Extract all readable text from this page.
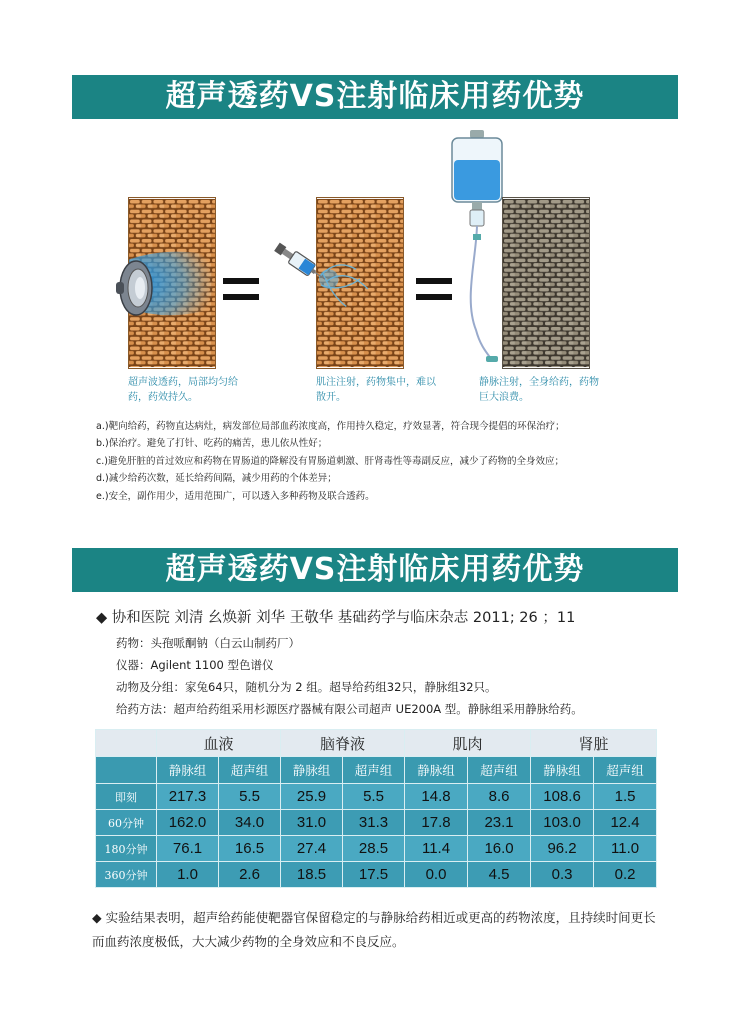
超声透药VS注射临床用药优势
超声波透药，局部均匀给药，药效持久。
肌注注射，药物集中，难以散开。
静脉注射，全身给药，药物巨大浪费。
a.)靶向给药，药物直达病灶，病发部位局部血药浓度高，作用持久稳定，疗效显著，符合现今提倡的环保治疗；
b.)保治疗。避免了打针、吃药的痛苦，患儿依从性好；
c.)避免肝脏的首过效应和药物在胃肠道的降解没有胃肠道刺激、肝肾毒性等毒副反应，减少了药物的全身效应；
d.)减少给药次数，延长给药间隔，减少用药的个体差异；
e.)安全，副作用少，适用范围广，可以透入多种药物及联合透药。
超声透药VS注射临床用药优势
◆ 协和医院 刘清 幺焕新 刘华 王敬华 基础药学与临床杂志 2011; 26 ；11
药物：头孢哌酮钠（白云山制药厂）
仪器：Agilent 1100 型色谱仪
动物及分组：家兔64只，随机分为 2 组。超导给药组32只，静脉组32只。
给药方法：超声给药组采用杉源医疗器械有限公司超声 UE200A 型。静脉组采用静脉给药。
	血液		脑脊液		肌肉		肾脏	
	静脉组	超声组	静脉组	超声组	静脉组	超声组	静脉组	超声组
即刻	217.3	5.5	25.9	5.5	14.8	8.6	108.6	1.5
60分钟	162.0	34.0	31.0	31.3	17.8	23.1	103.0	12.4
180分钟	76.1	16.5	27.4	28.5	11.4	16.0	96.2	11.0
360分钟	1.0	2.6	18.5	17.5	0.0	4.5	0.3	0.2
◆ 实验结果表明，超声给药能使靶器官保留稳定的与静脉给药相近或更高的药物浓度，且持续时间更长而血药浓度极低，大大减少药物的全身效应和不良反应。
